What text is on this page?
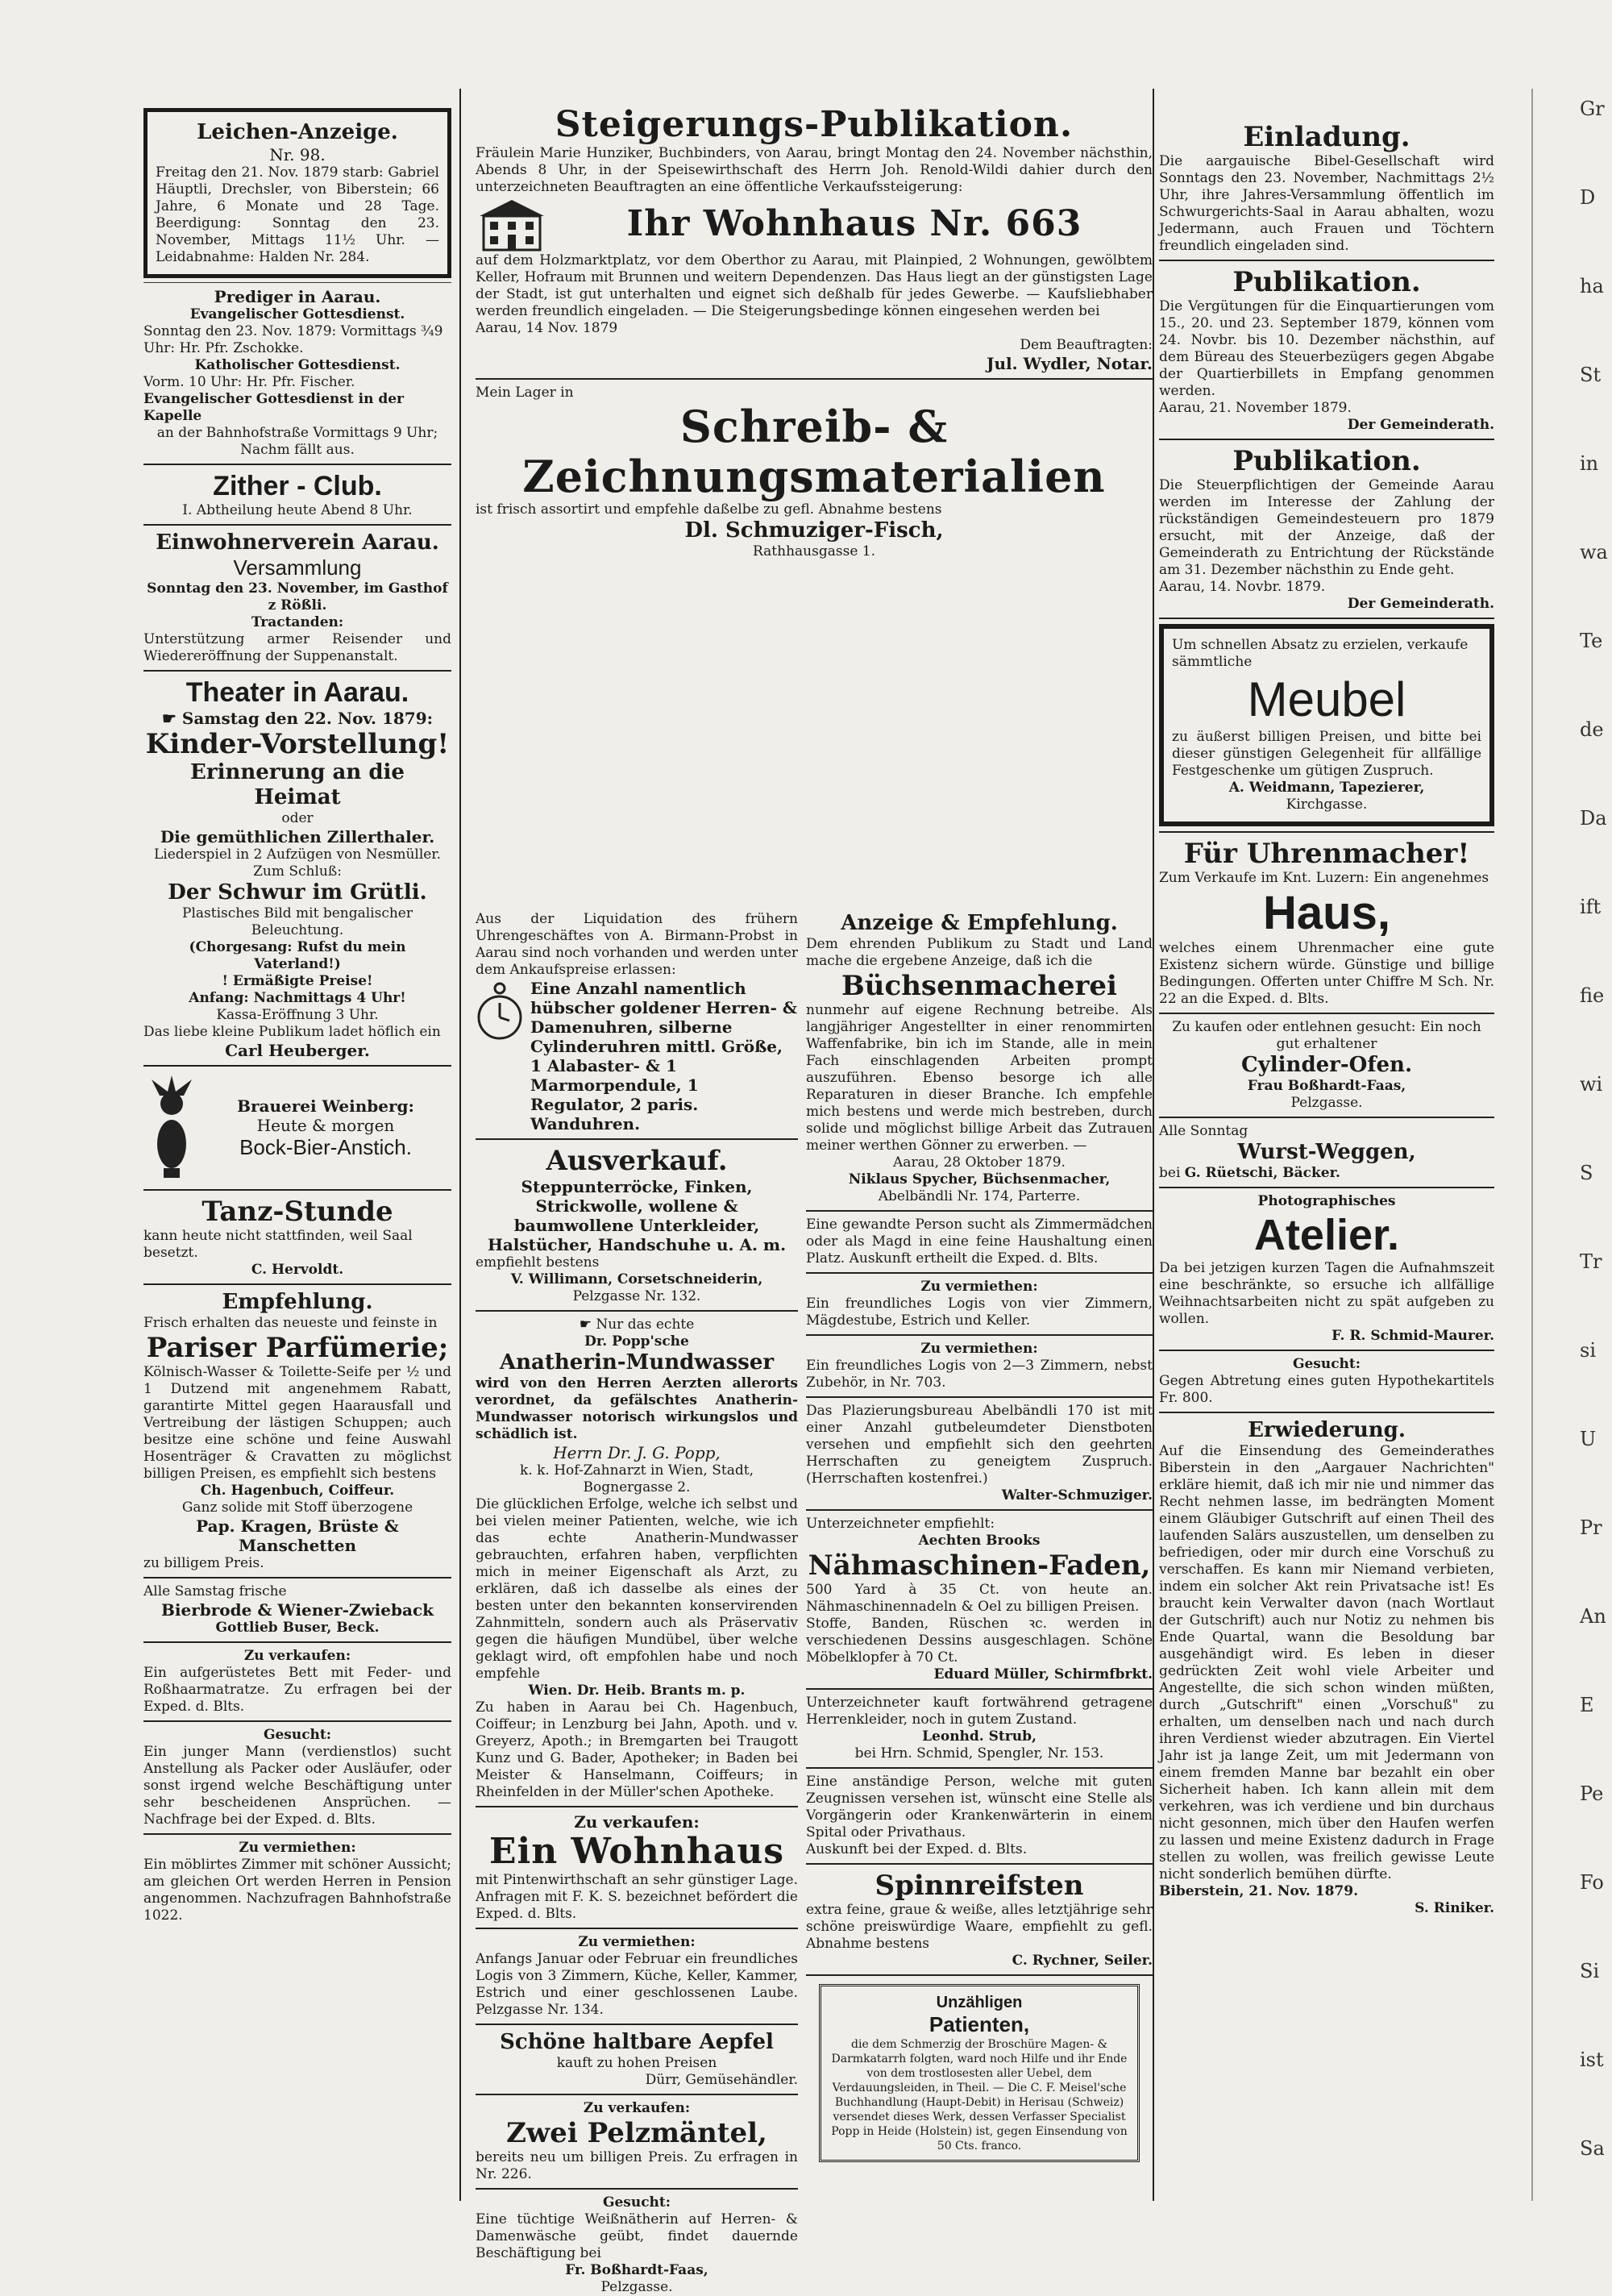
Leichen-Anzeige.
Nr. 98.

Freitag den 21. Nov. 1879 starb: Gabriel Häuptli, Drechsler, von Biberstein; 66 Jahre, 6 Monate und 28 Tage. Beerdigung: Sonntag den 23. November, Mittags 11½ Uhr. — Leidabnahme: Halden Nr. 284.

Prediger in Aarau.
Evangelischer Gottesdienst.

Sonntag den 23. Nov. 1879: Vormittags ¾9 Uhr: Hr. Pfr. Zschokke.

Katholischer Gottesdienst.

Vorm. 10 Uhr: Hr. Pfr. Fischer.

Evangelischer Gottesdienst in der Kapelle

an der Bahnhofstraße Vormittags 9 Uhr; Nachm fällt aus.

Zither - Club.

I. Abtheilung heute Abend 8 Uhr.

Einwohnerverein Aarau.
Versammlung

Sonntag den 23. November, im Gasthof z Rößli.

Tractanden:

Unterstützung armer Reisender und Wiedereröffnung der Suppenanstalt.

Theater in Aarau.
☛ Samstag den 22. Nov. 1879:
Kinder-Vorstellung!
Erinnerung an die Heimat
oder
Die gemüthlichen Zillerthaler.
Liederspiel in 2 Aufzügen von Nesmüller.
Zum Schluß:
Der Schwur im Grütli.
Plastisches Bild mit bengalischer Beleuchtung.
(Chorgesang: Rufst du mein Vaterland!)
! Ermäßigte Preise!
Anfang: Nachmittags 4 Uhr!
Kassa-Eröffnung 3 Uhr.

Das liebe kleine Publikum ladet höflich ein

Carl Heuberger.
Brauerei Weinberg:
Heute & morgen
Bock-Bier-Anstich.
Tanz-Stunde

kann heute nicht stattfinden, weil Saal besetzt.

C. Hervoldt.
Empfehlung.

Frisch erhalten das neueste und feinste in

Pariser Parfümerie;

Kölnisch-Wasser & Toilette-Seife per ½ und 1 Dutzend mit angenehmem Rabatt, garantirte Mittel gegen Haarausfall und Vertreibung der lästigen Schuppen; auch besitze eine schöne und feine Auswahl Hosenträger & Cravatten zu möglichst billigen Preisen, es empfiehlt sich bestens

Ch. Hagenbuch, Coiffeur.

Ganz solide mit Stoff überzogene

Pap. Kragen, Brüste & Manschetten

zu billigem Preis.

Alle Samstag frische

Bierbrode & Wiener-Zwieback
Gottlieb Buser, Beck.
Zu verkaufen:

Ein aufgerüstetes Bett mit Feder- und Roßhaarmatratze. Zu erfragen bei der Exped. d. Blts.

Gesucht:

Ein junger Mann (verdienstlos) sucht Anstellung als Packer oder Ausläufer, oder sonst irgend welche Beschäftigung unter sehr bescheidenen Ansprüchen. — Nachfrage bei der Exped. d. Blts.

Zu vermiethen:

Ein möblirtes Zimmer mit schöner Aussicht; am gleichen Ort werden Herren in Pension angenommen. Nachzufragen Bahnhofstraße 1022.

Steigerungs-Publikation.

Fräulein Marie Hunziker, Buchbinders, von Aarau, bringt Montag den 24. November nächsthin, Abends 8 Uhr, in der Speisewirthschaft des Herrn Joh. Renold-Wildi dahier durch den unterzeichneten Beauftragten an eine öffentliche Verkaufssteigerung:

Ihr Wohnhaus Nr. 663

auf dem Holzmarktplatz, vor dem Oberthor zu Aarau, mit Plainpied, 2 Wohnungen, gewölbtem Keller, Hofraum mit Brunnen und weitern Dependenzen. Das Haus liegt an der günstigsten Lage der Stadt, ist gut unterhalten und eignet sich deßhalb für jedes Gewerbe. — Kaufsliebhaber werden freundlich eingeladen. — Die Steigerungsbedinge können eingesehen werden bei

Aarau, 14 Nov. 1879

Dem Beauftragten:

Jul. Wydler, Notar.

Mein Lager in

Schreib- & Zeichnungsmaterialien

ist frisch assortirt und empfehle daßelbe zu gefl. Abnahme bestens

Dl. Schmuziger-Fisch,
Rathhausgasse 1.

Aus der Liquidation des frühern Uhrengeschäftes von A. Birmann-Probst in Aarau sind noch vorhanden und werden unter dem Ankaufspreise erlassen:

Eine Anzahl namentlich hübscher goldener Herren- & Damenuhren, silberne Cylinderuhren mittl. Größe, 1 Alabaster- & 1 Marmorpendule, 1 Regulator, 2 paris. Wanduhren.

Ausverkauf.

Steppunterröcke, Finken, Strickwolle, wollene & baumwollene Unterkleider, Halstücher, Handschuhe u. A. m.

empfiehlt bestens

V. Willimann, Corsetschneiderin,
Pelzgasse Nr. 132.
☛ Nur das echte
Dr. Popp'sche
Anatherin-Mundwasser

wird von den Herren Aerzten allerorts verordnet, da gefälschtes Anatherin-Mundwasser notorisch wirkungslos und schädlich ist.

Herrn Dr. J. G. Popp,

k. k. Hof-Zahnarzt in Wien, Stadt, Bognergasse 2.

Die glücklichen Erfolge, welche ich selbst und bei vielen meiner Patienten, welche, wie ich das echte Anatherin-Mundwasser gebrauchten, erfahren haben, verpflichten mich in meiner Eigenschaft als Arzt, zu erklären, daß ich dasselbe als eines der besten unter den bekannten konservirenden Zahnmitteln, sondern auch als Präservativ gegen die häufigen Mundübel, über welche geklagt wird, oft empfohlen habe und noch empfehle

Wien. Dr. Heib. Brants m. p.

Zu haben in Aarau bei Ch. Hagenbuch, Coiffeur; in Lenzburg bei Jahn, Apoth. und v. Greyerz, Apoth.; in Bremgarten bei Traugott Kunz und G. Bader, Apotheker; in Baden bei Meister & Hanselmann, Coiffeurs; in Rheinfelden in der Müller'schen Apotheke.

Zu verkaufen:
Ein Wohnhaus

mit Pintenwirthschaft an sehr günstiger Lage. Anfragen mit F. K. S. bezeichnet befördert die Exped. d. Blts.

Zu vermiethen:

Anfangs Januar oder Februar ein freundliches Logis von 3 Zimmern, Küche, Keller, Kammer, Estrich und einer geschlossenen Laube. Pelzgasse Nr. 134.

Schöne haltbare Aepfel

kauft zu hohen Preisen

Dürr, Gemüsehändler.

Zu verkaufen:
Zwei Pelzmäntel,

bereits neu um billigen Preis. Zu erfragen in Nr. 226.

Gesucht:

Eine tüchtige Weißnätherin auf Herren- & Damenwäsche geübt, findet dauernde Beschäftigung bei

Fr. Boßhardt-Faas,
Pelzgasse.
Anzeige & Empfehlung.

Dem ehrenden Publikum zu Stadt und Land mache die ergebene Anzeige, daß ich die

Büchsenmacherei

nunmehr auf eigene Rechnung betreibe. Als langjähriger Angestellter in einer renommirten Waffenfabrike, bin ich im Stande, alle in mein Fach einschlagenden Arbeiten prompt auszuführen. Ebenso besorge ich alle Reparaturen in dieser Branche. Ich empfehle mich bestens und werde mich bestreben, durch solide und möglichst billige Arbeit das Zutrauen meiner werthen Gönner zu erwerben. —

Aarau, 28 Oktober 1879.

Niklaus Spycher, Büchsenmacher,
Abelbändli Nr. 174, Parterre.

Eine gewandte Person sucht als Zimmermädchen oder als Magd in eine feine Haushaltung einen Platz. Auskunft ertheilt die Exped. d. Blts.

Zu vermiethen:

Ein freundliches Logis von vier Zimmern, Mägdestube, Estrich und Keller.

Zu vermiethen:

Ein freundliches Logis von 2—3 Zimmern, nebst Zubehör, in Nr. 703.

Das Plazierungsbureau Abelbändli 170 ist mit einer Anzahl gutbeleumdeter Dienstboten versehen und empfiehlt sich den geehrten Herrschaften zu geneigtem Zuspruch. (Herrschaften kostenfrei.)

Walter-Schmuziger.

Unterzeichneter empfiehlt:

Aechten Brooks
Nähmaschinen-Faden,

500 Yard à 35 Ct. von heute an. Nähmaschinennadeln & Oel zu billigen Preisen.

Stoffe, Banden, Rüschen ꝛc. werden in verschiedenen Dessins ausgeschlagen. Schöne Möbelklopfer à 70 Ct.

Eduard Müller, Schirmfbrkt.

Unterzeichneter kauft fortwährend getragene Herrenkleider, noch in gutem Zustand.

Leonhd. Strub,
bei Hrn. Schmid, Spengler, Nr. 153.

Eine anständige Person, welche mit guten Zeugnissen versehen ist, wünscht eine Stelle als Vorgängerin oder Krankenwärterin in einem Spital oder Privathaus.

Auskunft bei der Exped. d. Blts.

Spinnreifsten

extra feine, graue & weiße, alles letztjährige sehr schöne preiswürdige Waare, empfiehlt zu gefl. Abnahme bestens

C. Rychner, Seiler.

Unzähligen
Patienten,

die dem Schmerzig der Broschüre Magen- & Darmkatarrh folgten, ward noch Hilfe und ihr Ende von dem trostlosesten aller Uebel, dem Verdauungsleiden, in Theil. — Die C. F. Meisel'sche Buchhandlung (Haupt-Debit) in Herisau (Schweiz) versendet dieses Werk, dessen Verfasser Specialist Popp in Heide (Holstein) ist, gegen Einsendung von 50 Cts. franco.

Einladung.

Die aargauische Bibel-Gesellschaft wird Sonntags den 23. November, Nachmittags 2½ Uhr, ihre Jahres-Versammlung öffentlich im Schwurgerichts-Saal in Aarau abhalten, wozu Jedermann, auch Frauen und Töchtern freundlich eingeladen sind.

Publikation.

Die Vergütungen für die Einquartierungen vom 15., 20. und 23. September 1879, können vom 24. Novbr. bis 10. Dezember nächsthin, auf dem Büreau des Steuerbezügers gegen Abgabe der Quartierbillets in Empfang genommen werden.

Aarau, 21. November 1879.

Der Gemeinderath.

Publikation.

Die Steuerpflichtigen der Gemeinde Aarau werden im Interesse der Zahlung der rückständigen Gemeindesteuern pro 1879 ersucht, mit der Anzeige, daß der Gemeinderath zu Entrichtung der Rückstände am 31. Dezember nächsthin zu Ende geht.

Aarau, 14. Novbr. 1879.

Der Gemeinderath.

Um schnellen Absatz zu erzielen, verkaufe sämmtliche

Meubel

zu äußerst billigen Preisen, und bitte bei dieser günstigen Gelegenheit für allfällige Festgeschenke um gütigen Zuspruch.

A. Weidmann, Tapezierer,
Kirchgasse.
Für Uhrenmacher!

Zum Verkaufe im Knt. Luzern: Ein angenehmes

Haus,

welches einem Uhrenmacher eine gute Existenz sichern würde. Günstige und billige Bedingungen. Offerten unter Chiffre M Sch. Nr. 22 an die Exped. d. Blts.

Zu kaufen oder entlehnen gesucht: Ein noch gut erhaltener

Cylinder-Ofen.
Frau Boßhardt-Faas,
Pelzgasse.

Alle Sonntag

Wurst-Weggen,
bei G. Rüetschi, Bäcker.
Photographisches
Atelier.

Da bei jetzigen kurzen Tagen die Aufnahmszeit eine beschränkte, so ersuche ich allfällige Weihnachtsarbeiten nicht zu spät aufgeben zu wollen.

F. R. Schmid-Maurer.

Gesucht:

Gegen Abtretung eines guten Hypothekartitels Fr. 800.

Erwiederung.

Auf die Einsendung des Gemeinderathes Biberstein in den „Aargauer Nachrichten" erkläre hiemit, daß ich mir nie und nimmer das Recht nehmen lasse, im bedrängten Moment einem Gläubiger Gutschrift auf einen Theil des laufenden Salärs auszustellen, um denselben zu befriedigen, oder mir durch eine Vorschuß zu verschaffen. Es kann mir Niemand verbieten, indem ein solcher Akt rein Privatsache ist! Es braucht kein Verwalter davon (nach Wortlaut der Gutschrift) auch nur Notiz zu nehmen bis Ende Quartal, wann die Besoldung bar ausgehändigt wird. Es leben in dieser gedrückten Zeit wohl viele Arbeiter und Angestellte, die sich schon winden müßten, durch „Gutschrift" einen „Vorschuß" zu erhalten, um denselben nach und nach durch ihren Verdienst wieder abzutragen. Ein Viertel Jahr ist ja lange Zeit, um mit Jedermann von einem fremden Manne bar bezahlt ein ober Sicherheit haben. Ich kann allein mit dem verkehren, was ich verdiene und bin durchaus nicht gesonnen, mich über den Haufen werfen zu lassen und meine Existenz dadurch in Frage stellen zu wollen, was freilich gewisse Leute nicht sonderlich bemühen dürfte.

Biberstein, 21. Nov. 1879.

S. Riniker.

Gr
D
ha
St
in
wa
Te
de
Da
ift
fie
wi
S
Tr
si
U
Pr
An
E
Pe
Fo
Si
ist
Sa
